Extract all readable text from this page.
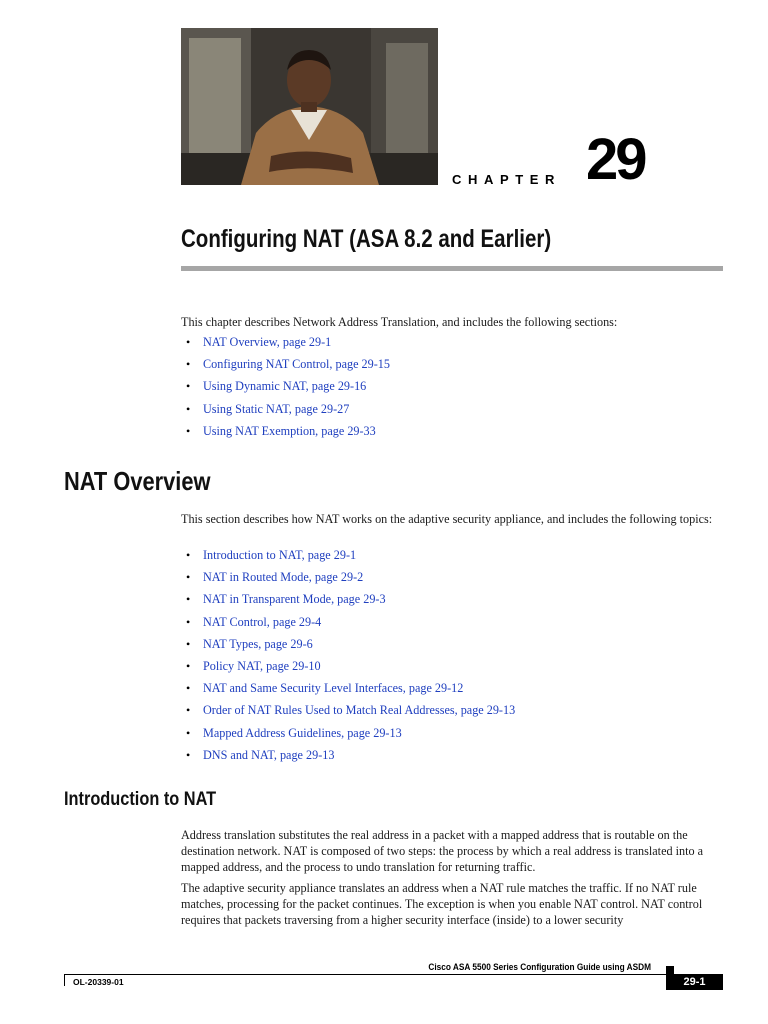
CHAPTER 29
Configuring NAT (ASA 8.2 and Earlier)

This chapter describes Network Address Translation, and includes the following sections:

• NAT Overview, page 29-1
• Configuring NAT Control, page 29-15
• Using Dynamic NAT, page 29-16
• Using Static NAT, page 29-27
• Using NAT Exemption, page 29-33
NAT Overview

This section describes how NAT works on the adaptive security appliance, and includes the following topics:

• Introduction to NAT, page 29-1
• NAT in Routed Mode, page 29-2
• NAT in Transparent Mode, page 29-3
• NAT Control, page 29-4
• NAT Types, page 29-6
• Policy NAT, page 29-10
• NAT and Same Security Level Interfaces, page 29-12
• Order of NAT Rules Used to Match Real Addresses, page 29-13
• Mapped Address Guidelines, page 29-13
• DNS and NAT, page 29-13
Introduction to NAT

Address translation substitutes the real address in a packet with a mapped address that is routable on the destination network. NAT is composed of two steps: the process by which a real address is translated into a mapped address, and the process to undo translation for returning traffic.

The adaptive security appliance translates an address when a NAT rule matches the traffic. If no NAT rule matches, processing for the packet continues. The exception is when you enable NAT control. NAT control requires that packets traversing from a higher security interface (inside) to a lower security

Cisco ASA 5500 Series Configuration Guide using ASDM
OL-20339-01	29-1
